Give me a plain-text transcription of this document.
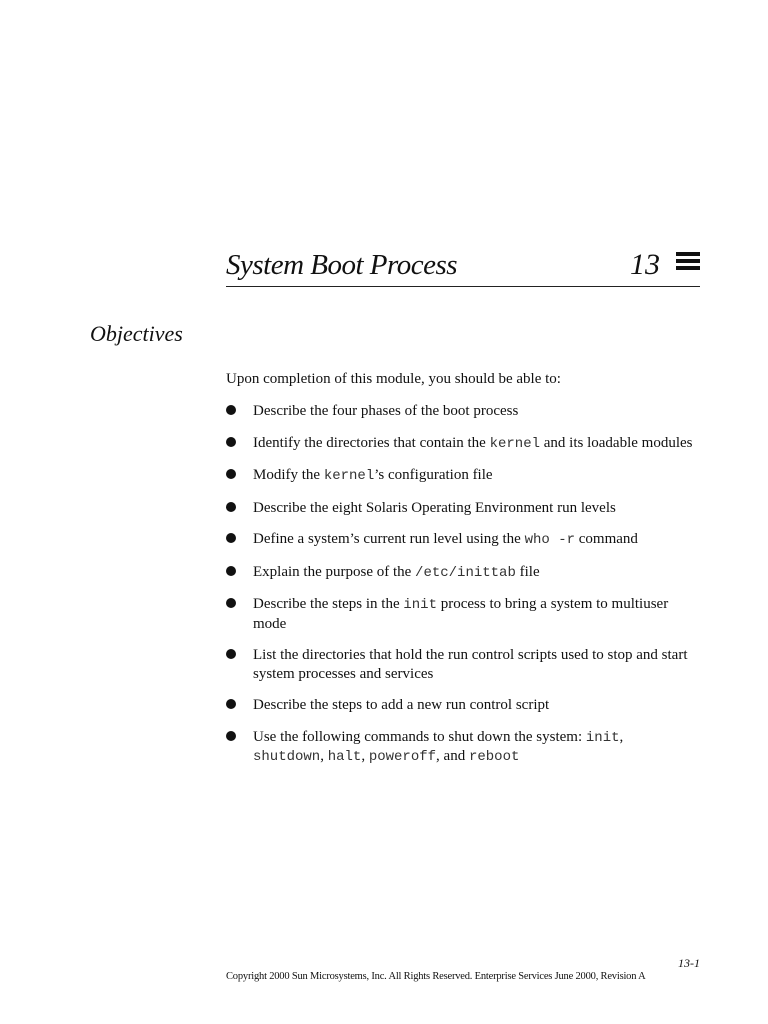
System Boot Process	13
Objectives
Upon completion of this module, you should be able to:
Describe the four phases of the boot process
Identify the directories that contain the kernel and its loadable modules
Modify the kernel’s configuration file
Describe the eight Solaris Operating Environment run levels
Define a system’s current run level using the who -r command
Explain the purpose of the /etc/inittab file
Describe the steps in the init process to bring a system to multiuser mode
List the directories that hold the run control scripts used to stop and start system processes and services
Describe the steps to add a new run control script
Use the following commands to shut down the system: init, shutdown, halt, poweroff, and reboot
13-1
Copyright 2000 Sun Microsystems, Inc. All Rights Reserved. Enterprise Services June 2000, Revision A
